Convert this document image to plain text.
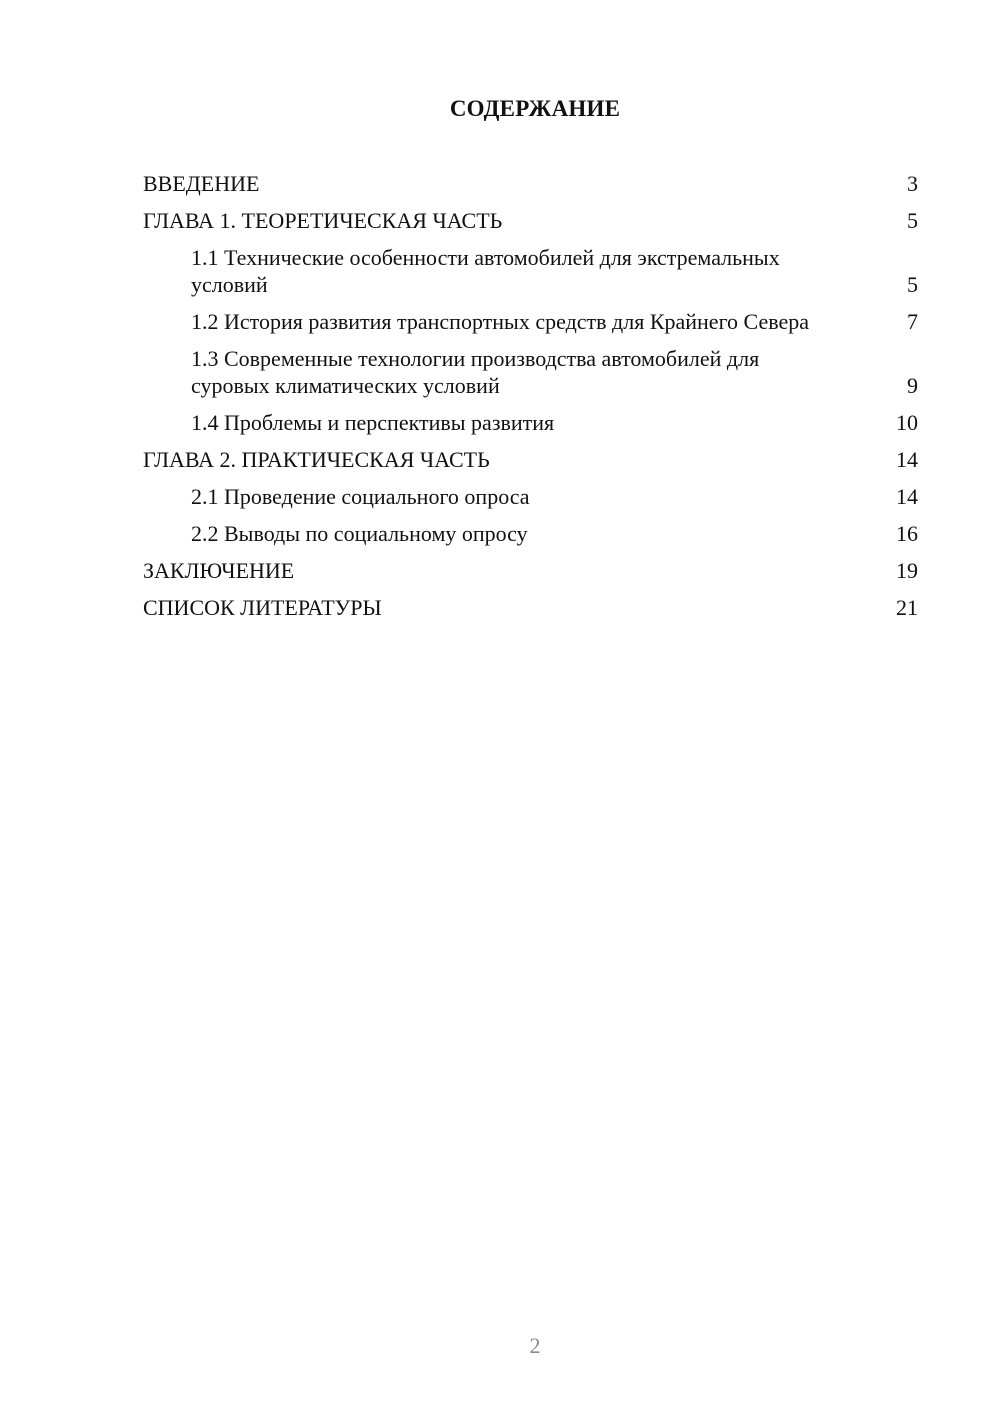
СОДЕРЖАНИЕ
ВВЕДЕНИЕ	3
ГЛАВА 1. ТЕОРЕТИЧЕСКАЯ ЧАСТЬ	5
1.1 Технические особенности автомобилей для экстремальных условий	5
1.2 История развития транспортных средств для Крайнего Севера	7
1.3 Современные технологии производства автомобилей для суровых климатических условий	9
1.4 Проблемы и перспективы развития	10
ГЛАВА 2. ПРАКТИЧЕСКАЯ ЧАСТЬ	14
2.1 Проведение социального опроса	14
2.2 Выводы по социальному опросу	16
ЗАКЛЮЧЕНИЕ	19
СПИСОК ЛИТЕРАТУРЫ	21
2
